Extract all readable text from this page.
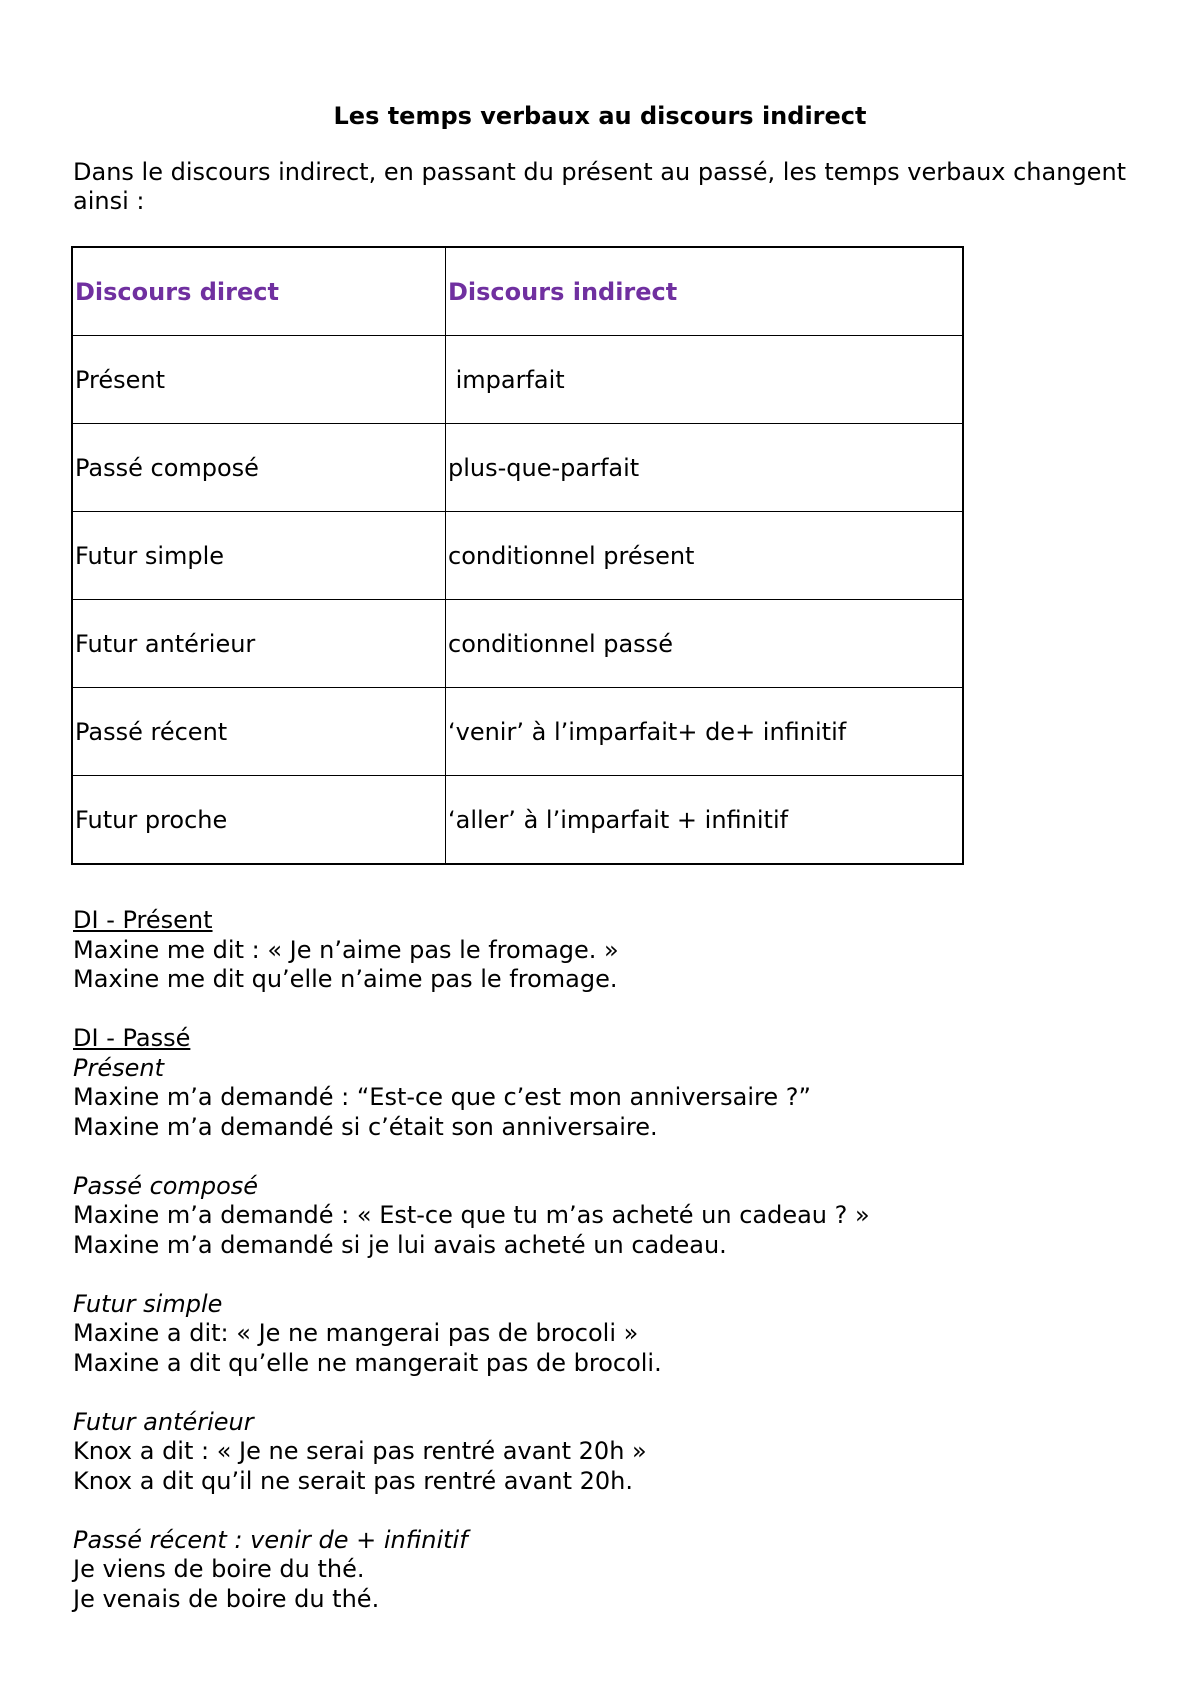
Les temps verbaux au discours indirect
Dans le discours indirect, en passant du présent au passé, les temps verbaux changent ainsi :
Discours direct	Discours indirect
Présent	imparfait
Passé composé	plus-que-parfait
Futur simple	conditionnel présent
Futur antérieur	conditionnel passé
Passé récent	‘venir’ à l’imparfait+ de+ infinitif
Futur proche	‘aller’ à l’imparfait + infinitif

DI - Présent

Maxine me dit : « Je n’aime pas le fromage. »

Maxine me dit qu’elle n’aime pas le fromage.

DI - Passé

Présent

Maxine m’a demandé : “Est-ce que c’est mon anniversaire ?”

Maxine m’a demandé si c’était son anniversaire.

Passé composé

Maxine m’a demandé : « Est-ce que tu m’as acheté un cadeau ? »

Maxine m’a demandé si je lui avais acheté un cadeau.

Futur simple

Maxine a dit: « Je ne mangerai pas de brocoli »

Maxine a dit qu’elle ne mangerait pas de brocoli.

Futur antérieur

Knox a dit : « Je ne serai pas rentré avant 20h »

Knox a dit qu’il ne serait pas rentré avant 20h.

Passé récent : venir de + infinitif

Je viens de boire du thé.

Je venais de boire du thé.
